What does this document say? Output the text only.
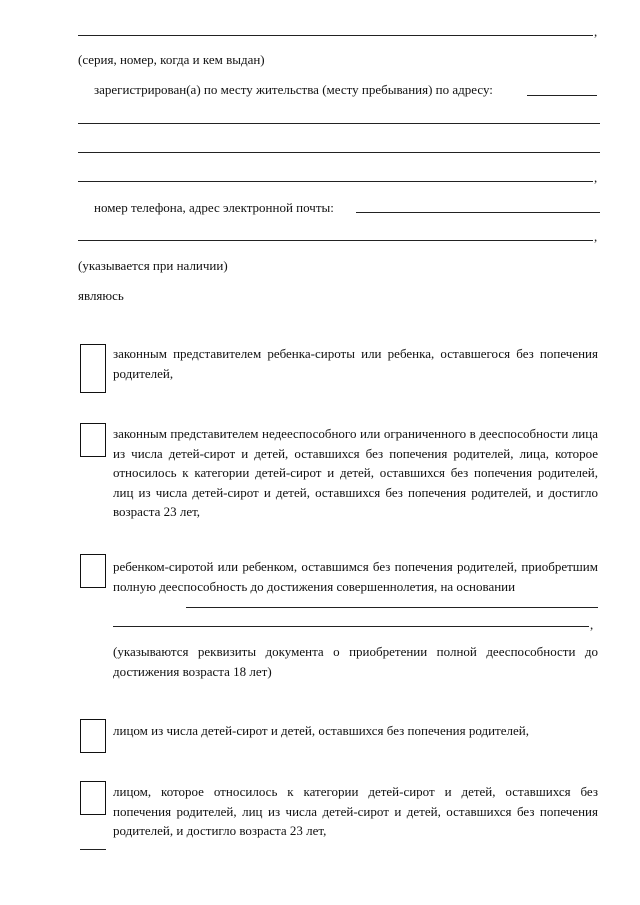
,
(серия, номер, когда и кем выдан)
зарегистрирован(а) по месту жительства (месту пребывания) по адресу:
,
номер телефона, адрес электронной почты:
,
(указывается при наличии)
являюсь
законным представителем ребенка-сироты или ребенка, оставшегося без попечения родителей,
законным представителем недееспособного или ограниченного в дееспособности лица из числа детей-сирот и детей, оставшихся без попечения родителей, лица, которое относилось к категории детей-сирот и детей, оставшихся без попечения родителей, лиц из числа детей-сирот и детей, оставшихся без попечения родителей, и достигло возраста 23 лет,
ребенком-сиротой или ребенком, оставшимся без попечения родителей, приобретшим полную дееспособность до достижения совершеннолетия, на основании
,
(указываются реквизиты документа о приобретении полной дееспособности до достижения возраста 18 лет)
лицом из числа детей-сирот и детей, оставшихся без попечения родителей,
лицом, которое относилось к категории детей-сирот и детей, оставшихся без попечения родителей, лиц из числа детей-сирот и детей, оставшихся без попечения родителей, и достигло возраста 23 лет,
